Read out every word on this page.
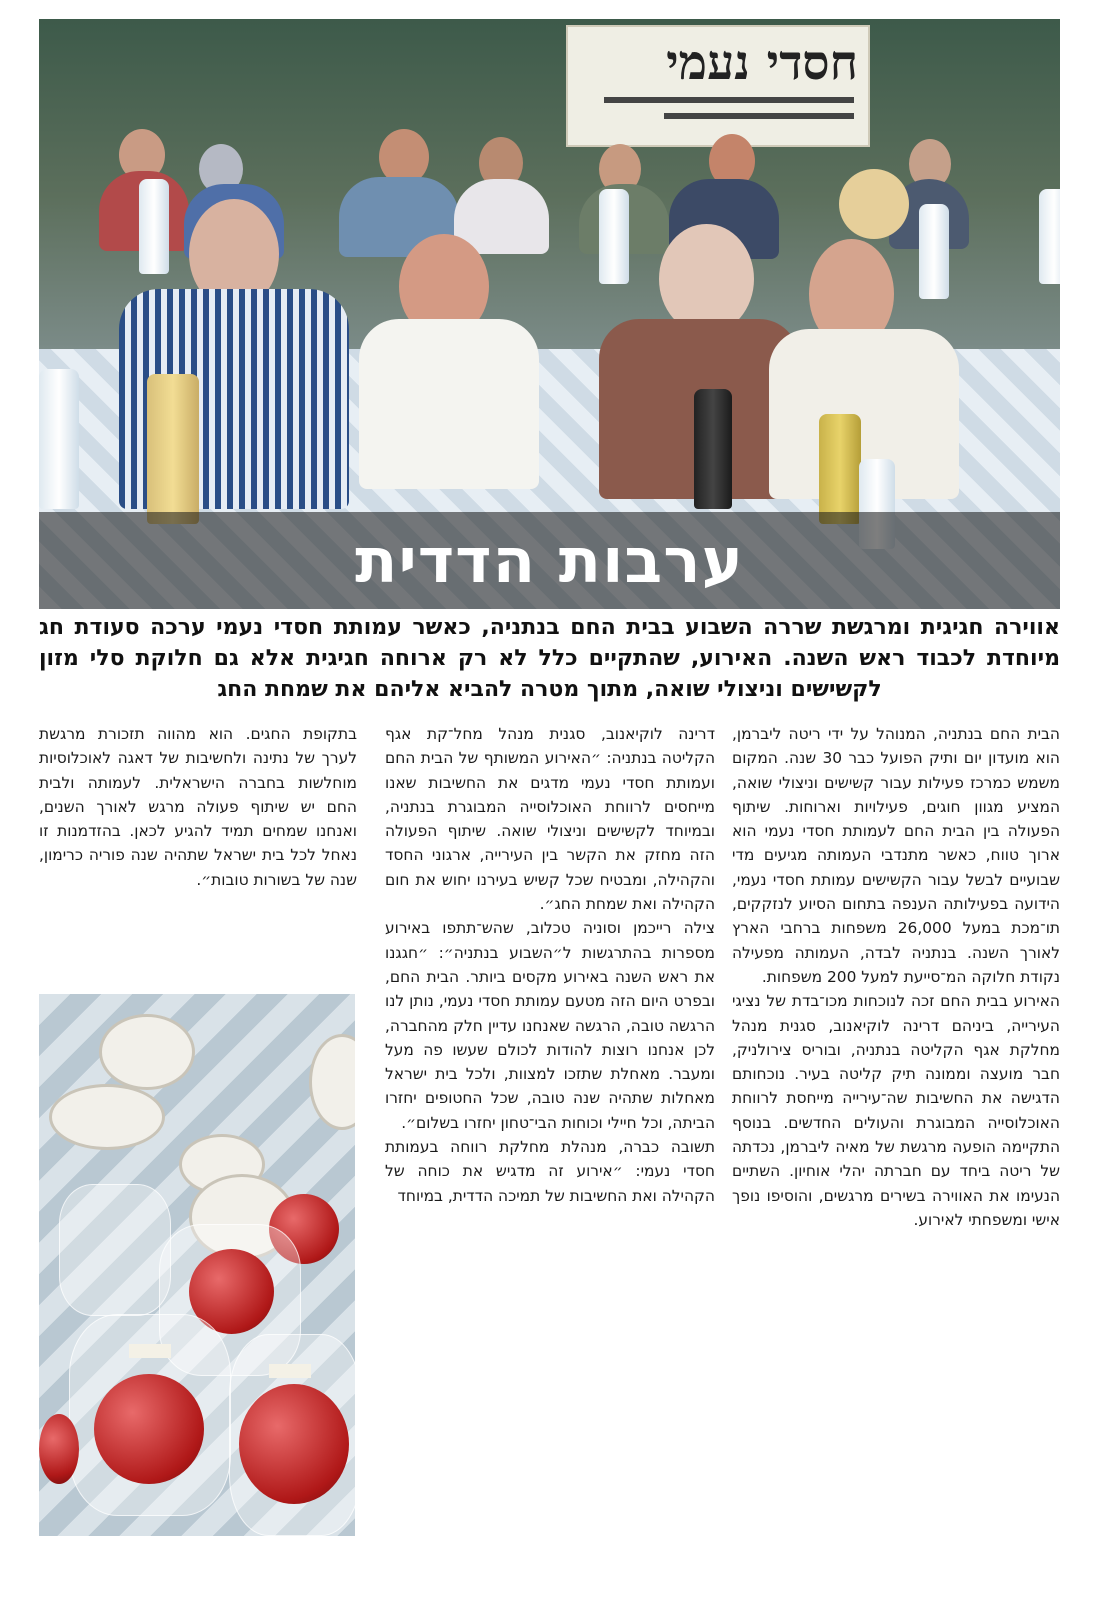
חסדי נעמי
ערבות הדדית

אווירה חגיגית ומרגשת שררה השבוע בבית החם בנתניה, כאשר עמותת חסדי נעמי ערכה סעודת חג מיוחדת לכבוד ראש השנה. האירוע, שהתקיים כלל לא רק ארוחה חגיגית אלא גם חלוקת סלי מזון לקשישים וניצולי שואה, מתוך מטרה להביא אליהם את שמחת החג

הבית החם בנתניה, המנוהל על ידי ריטה ליברמן, הוא מועדון יום ותיק הפועל כבר 30 שנה. המקום משמש כמרכז פעילות עבור קשישים וניצולי שואה, המציע מגוון חוגים, פעילויות וארוחות. שיתוף הפעולה בין הבית החם לעמותת חסדי נעמי הוא ארוך טווח, כאשר מתנדבי העמותה מגיעים מדי שבועיים לבשל עבור הקשישים עמותת חסדי נעמי, הידועה בפעילותה הענפה בתחום הסיוע לנזקקים, תו־מכת במעל 26,000 משפחות ברחבי הארץ לאורך השנה. בנתניה לבדה, העמותה מפעילה נקודת חלוקה המ־סייעת למעל 200 משפחות.

האירוע בבית החם זכה לנוכחות מכו־בדת של נציגי העירייה, ביניהם דרינה לוקיאנוב, סגנית מנהל מחלקת אגף הקליטה בנתניה, ובוריס צירולניק, חבר מועצה וממונה תיק קליטה בעיר. נוכחותם הדגישה את החשיבות שה־עירייה מייחסת לרווחת האוכלוסייה המבוגרת והעולים החדשים. בנוסף התקיימה הופעה מרגשת של מאיה ליברמן, נכדתה של ריטה ביחד עם חברתה יהלי אוחיון. השתיים הנעימו את האווירה בשירים מרגשים, והוסיפו נופך אישי ומשפחתי לאירוע.

דרינה לוקיאנוב, סגנית מנהל מחל־קת אגף הקליטה בנתניה: ״האירוע המשותף של הבית החם ועמותת חסדי נעמי מדגים את החשיבות שאנו מייחסים לרווחת האוכלוסייה המבוגרת בנתניה, ובמיוחד לקשישים וניצולי שואה. שיתוף הפעולה הזה מחזק את הקשר בין העירייה, ארגוני החסד והקהילה, ומבטיח שכל קשיש בעירנו יחוש את חום הקהילה ואת שמחת החג״.

צילה רייכמן וסוניה טכלוב, שהש־תתפו באירוע מספרות בהתרגשות ל״השבוע בנתניה״: ״חגגנו את ראש השנה באירוע מקסים ביותר. הבית החם, ובפרט היום הזה מטעם עמותת חסדי נעמי, נותן לנו הרגשה טובה, הרגשה שאנחנו עדיין חלק מהחברה, לכן אנחנו רוצות להודות לכולם שעשו פה מעל ומעבר. מאחלת שתזכו למצוות, ולכל בית ישראל מאחלות שתהיה שנה טובה, שכל החטופים יחזרו הביתה, וכל חיילי וכוחות הבי־טחון יחזרו בשלום״.

תשובה כברה, מנהלת מחלקת רווחה בעמותת חסדי נעמי: ״אירוע זה מדגיש את כוחה של הקהילה ואת החשיבות של תמיכה הדדית, במיוחד

בתקופת החגים. הוא מהווה תזכורת מרגשת לערך של נתינה ולחשיבות של דאגה לאוכלוסיות מוחלשות בחברה הישראלית. לעמותה ולבית החם יש שיתוף פעולה מרגש לאורך השנים, ואנחנו שמחים תמיד להגיע לכאן. בהזדמנות זו נאחל לכל בית ישראל שתהיה שנה פוריה כרימון, שנה של בשורות טובות״.
